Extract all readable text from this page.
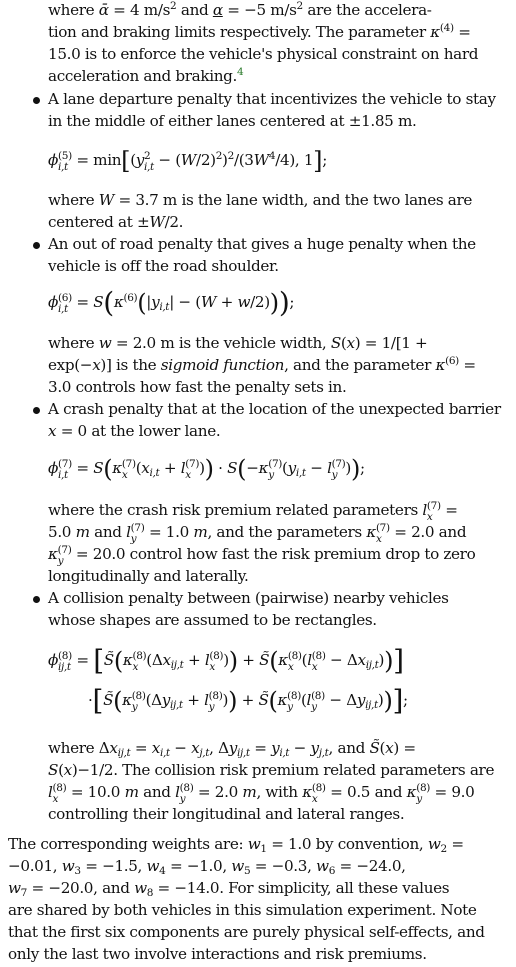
where ᾱ = 4 $m/s^2$ and α = −5 $m/s^2$ are the accelera-
tion and braking limits respectively. The parameter $\kappa^{(4)}$ =
15.0 is to enforce the vehicle's physical constraint on hard
acceleration and braking.$^4$
A lane departure penalty that incentivizes the vehicle to stay
in the middle of either lanes centered at ±1.85 m.
ϕ (5)
i,t = min[(y 2
$i,t - (W/2)^2)^2/(3W^4/4)$, 1];
where W = 3.7 m is the lane width, and the two lanes are
centered at ±W/2.
An out of road penalty that gives a huge penalty when the
vehicle is off the road shoulder.
ϕ (6)
$i,t = S(\kappa^{(6)}(|y_{i,t}| - (W + w/2)))$;
where w = 2.0 m is the vehicle width, S(x) = 1/[1 +
exp(−x)] is the sigmoid function, and the parameter $\kappa^{(6)}$ =
3.0 controls how fast the penalty sets in.
A crash penalty that at the location of the unexpected barrier
x = 0 at the lower lane.
ϕ (7)
i,t = S(κ (7)
x ($x_{i,t} + l$ (7)
x )) · S(−κ (7)
y ($y_{i,t} - l$ (7)
y ));
where the crash risk premium related parameters l (7)
x =
5.0 m and l (7)
y = 1.0 m, and the parameters κ (7)
x = 2.0 and
κ (7)
y = 20.0 control how fast the risk premium drop to zero
longitudinally and laterally.
A collision penalty between (pairwise) nearby vehicles
whose shapes are assumed to be rectangles.
ϕ (8)
ij,t = [S̃(κ (8)
x ($\Delta x_{ij,t} + l$ (8)
x )) + S̃(κ (8)
x (l (8)
$x - \Delta x_{ij,t}$))]
·[S̃(κ (8)
y ($\Delta y_{ij,t} + l$ (8)
y )) + S̃(κ (8)
y (l (8)
$y - \Delta y_{ij,t}$))];
where $\Delta x_{ij,t} = x_{i,t} - x_{j,t}$, $\Delta y_{ij,t} = y_{i,t} - y_{j,t}$, and S̃(x) =
S(x)−1/2. The collision risk premium related parameters are
l (8)
x = 10.0 m and l (8)
y = 2.0 m, with κ (8)
x = 0.5 and κ (8)
y = 9.0
controlling their longitudinal and lateral ranges.
The corresponding weights are: $w_1 = 1.0$ by convention, $w_2$ =
−0.01, $w_3 = -1.5$, $w_4 = -1.0$, $w_5 = -0.3$, $w_6 = -24.0$,
$w_7 = -20.0$, and $w_8 = -14.0$. For simplicity, all these values
are shared by both vehicles in this simulation experiment. Note
that the first six components are purely physical self-effects, and
only the last two involve interactions and risk premiums.
